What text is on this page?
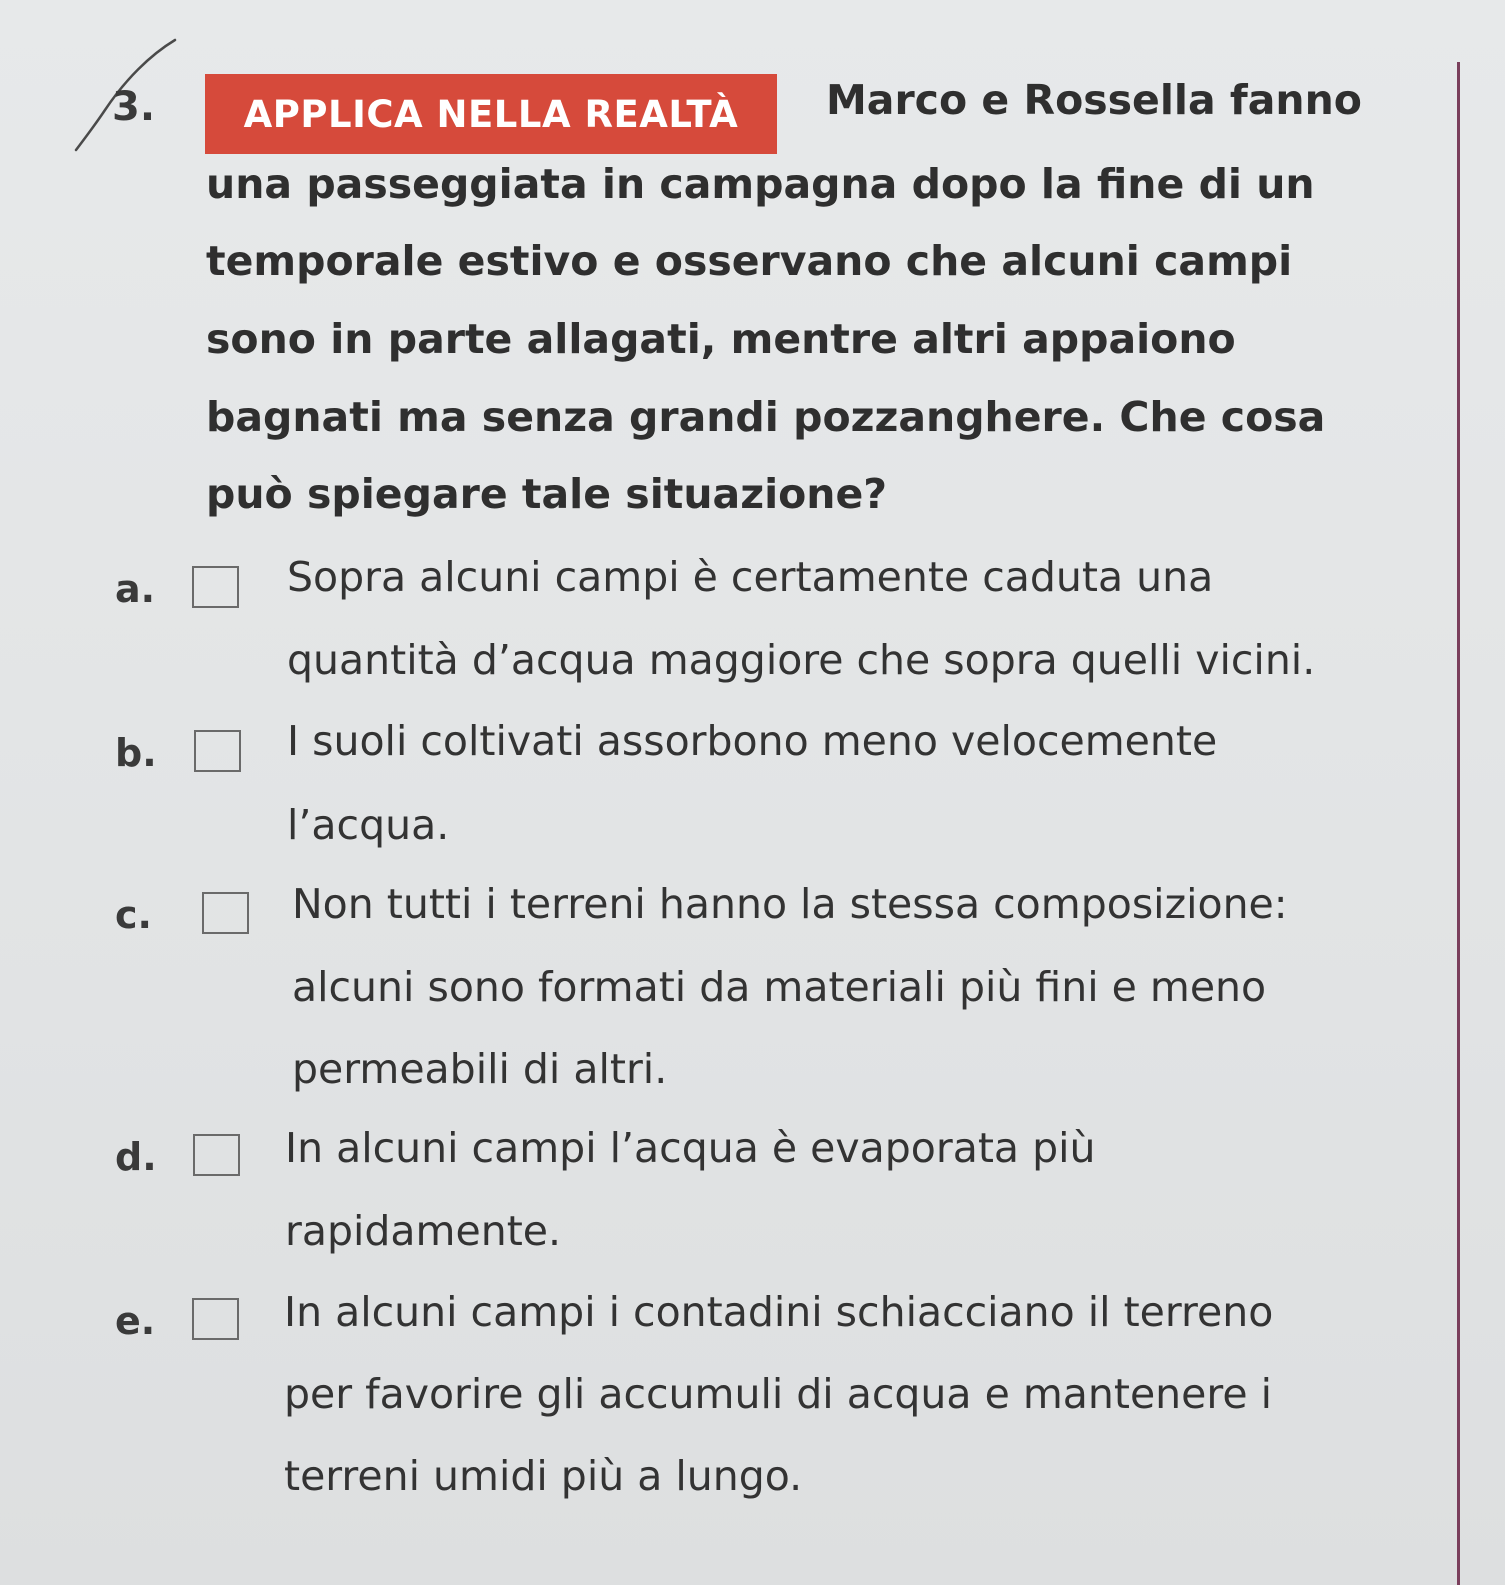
3.	APPLICA NELLA REALTÀ	Marco e Rossella fanno
una passeggiata in campagna dopo la fine di un
temporale estivo e osservano che alcuni campi
sono in parte allagati, mentre altri appaiono
bagnati ma senza grandi pozzanghere. Che cosa
può spiegare tale situazione?
a.	Sopra alcuni campi è certamente caduta una
quantità d’acqua maggiore che sopra quelli vicini.
b.	I suoli coltivati assorbono meno velocemente
l’acqua.
c.	Non tutti i terreni hanno la stessa composizione:
alcuni sono formati da materiali più fini e meno
permeabili di altri.
d.	In alcuni campi l’acqua è evaporata più
rapidamente.
e.	In alcuni campi i contadini schiacciano il terreno
per favorire gli accumuli di acqua e mantenere i
terreni umidi più a lungo.
